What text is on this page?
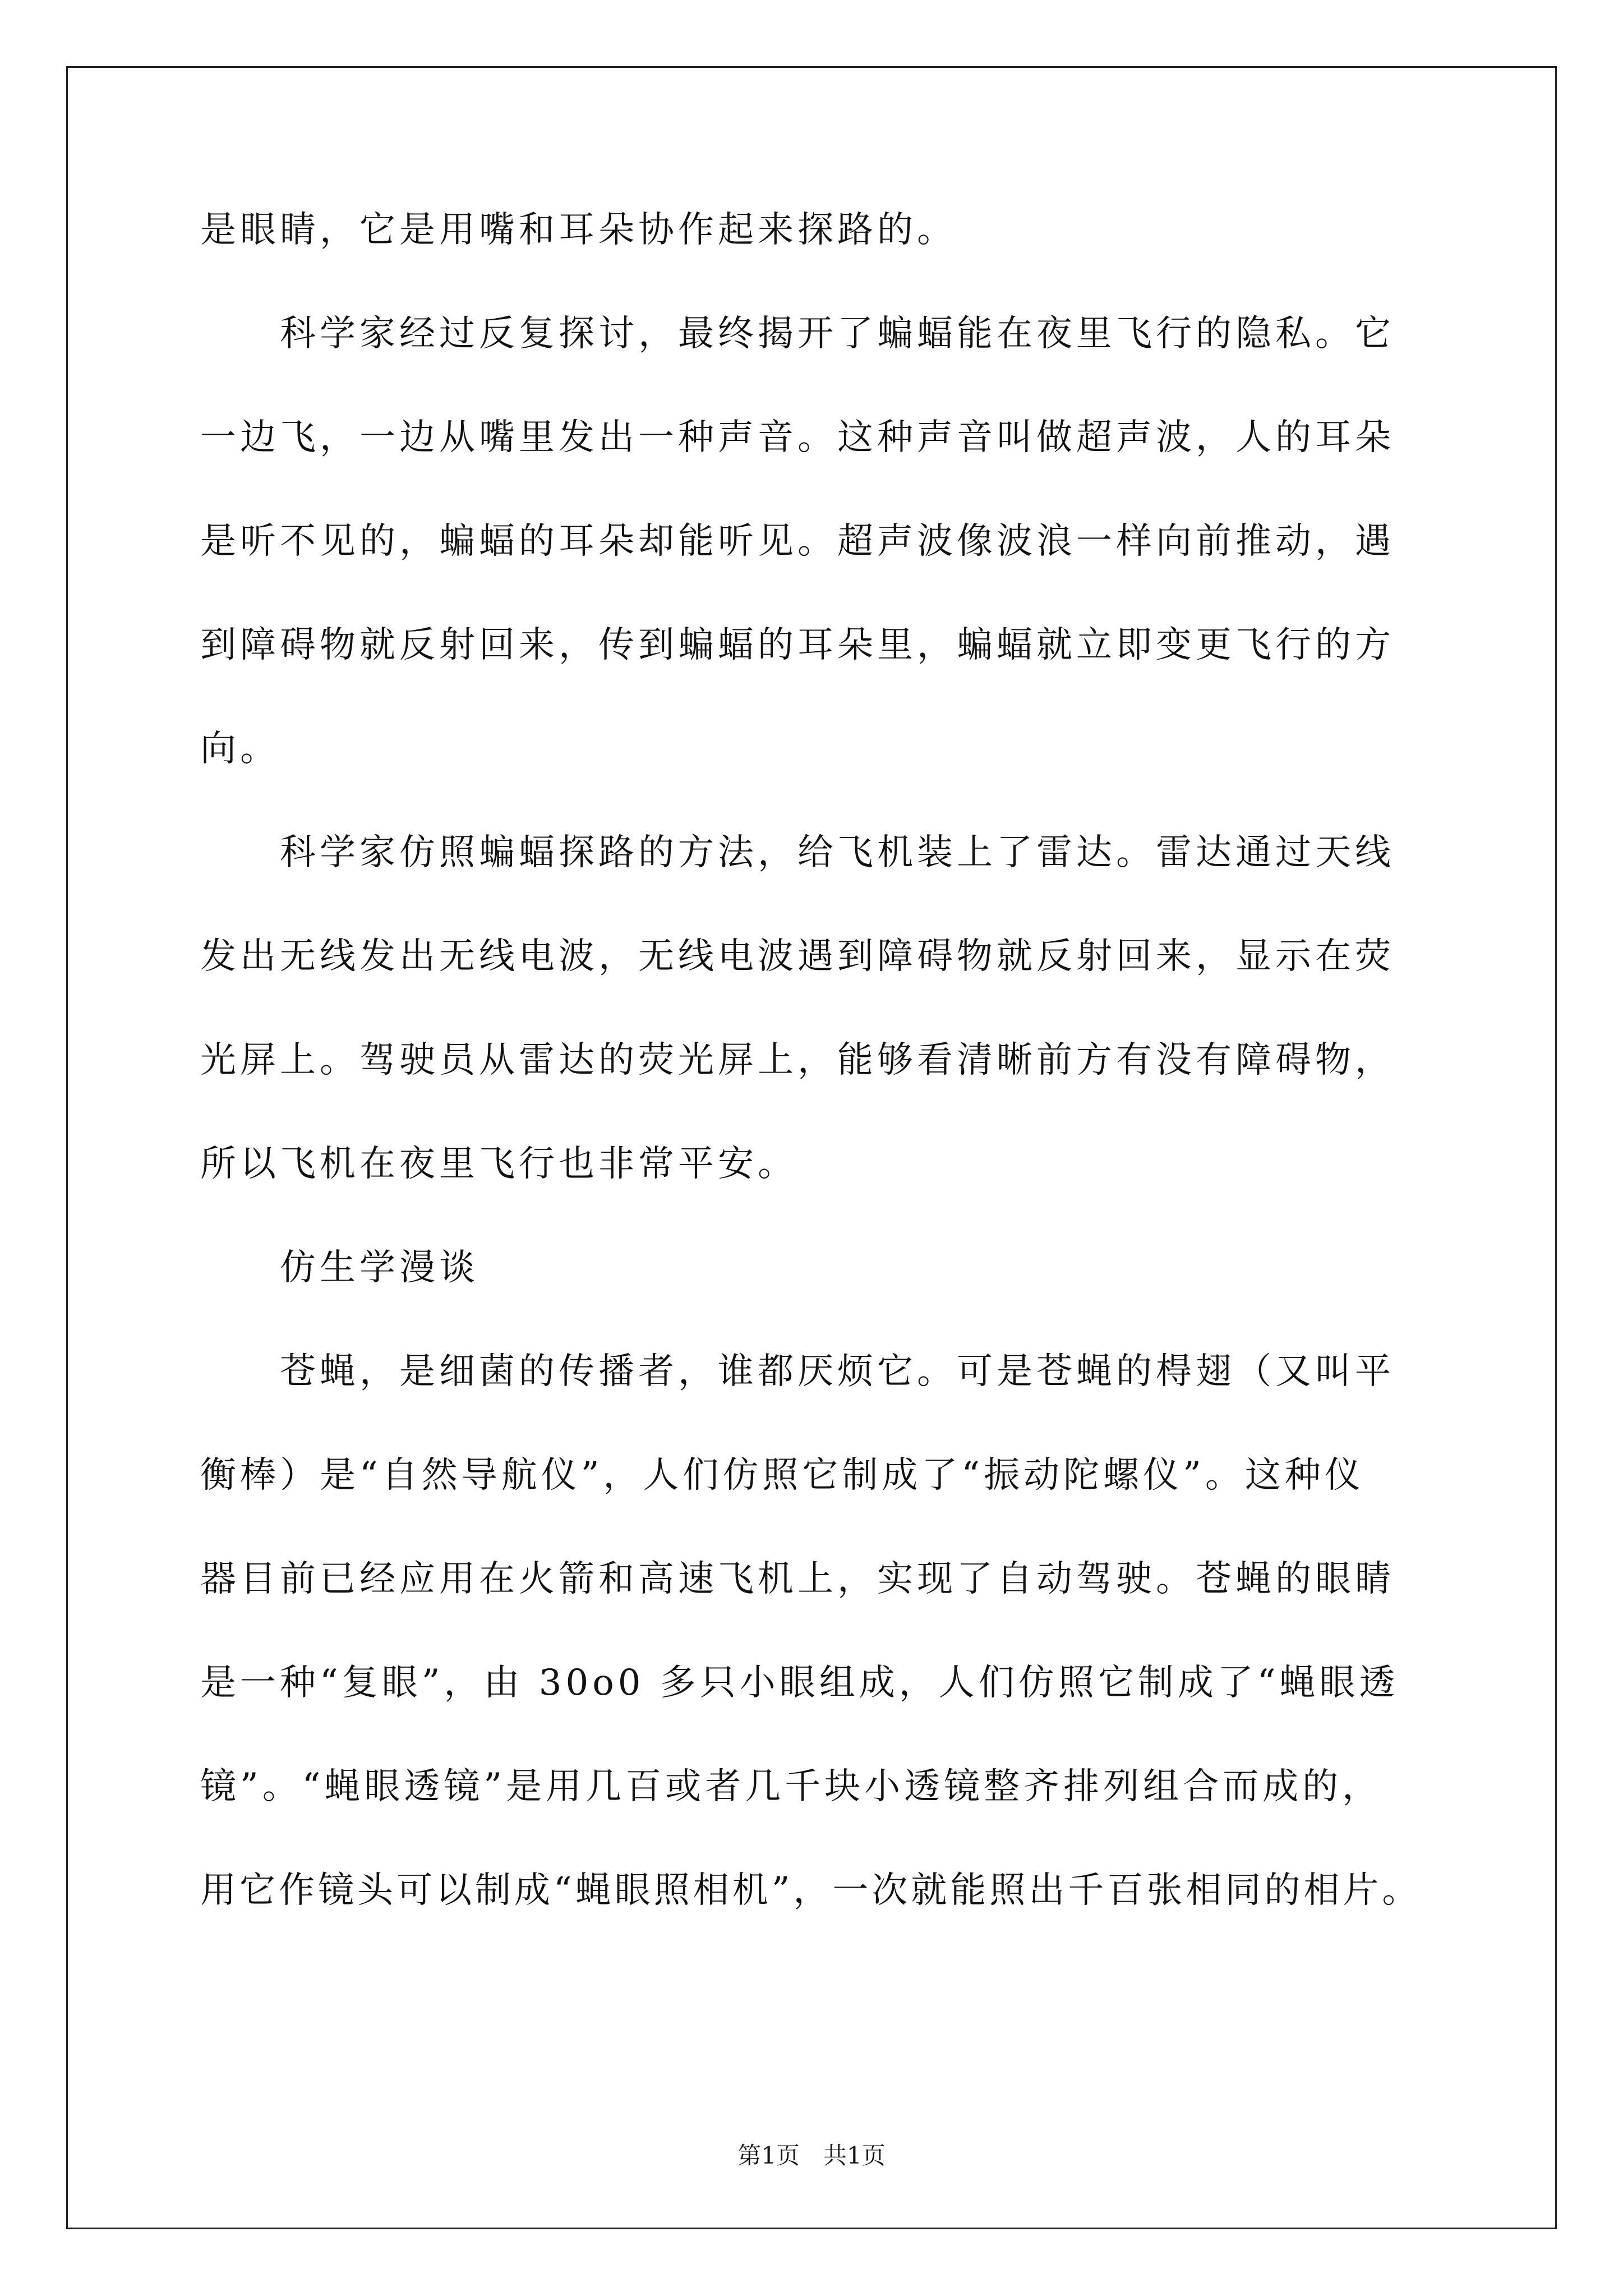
是眼睛，它是用嘴和耳朵协作起来探路的。
　　科学家经过反复探讨，最终揭开了蝙蝠能在夜里飞行的隐私。它
一边飞，一边从嘴里发出一种声音。这种声音叫做超声波，人的耳朵
是听不见的，蝙蝠的耳朵却能听见。超声波像波浪一样向前推动，遇
到障碍物就反射回来，传到蝙蝠的耳朵里，蝙蝠就立即变更飞行的方
向。
　　科学家仿照蝙蝠探路的方法，给飞机装上了雷达。雷达通过天线
发出无线发出无线电波，无线电波遇到障碍物就反射回来，显示在荧
光屏上。驾驶员从雷达的荧光屏上，能够看清晰前方有没有障碍物，
所以飞机在夜里飞行也非常平安。
　　仿生学漫谈
　　苍蝇，是细菌的传播者，谁都厌烦它。可是苍蝇的棏翅（又叫平
衡棒）是“自然导航仪”，人们仿照它制成了“振动陀螺仪”。这种仪
器目前已经应用在火箭和高速飞机上，实现了自动驾驶。苍蝇的眼睛
是一种“复眼”，由 30o0 多只小眼组成，人们仿照它制成了“蝇眼透
镜”。“蝇眼透镜”是用几百或者几千块小透镜整齐排列组合而成的，
用它作镜头可以制成“蝇眼照相机”，一次就能照出千百张相同的相片。
第1页　共1页
